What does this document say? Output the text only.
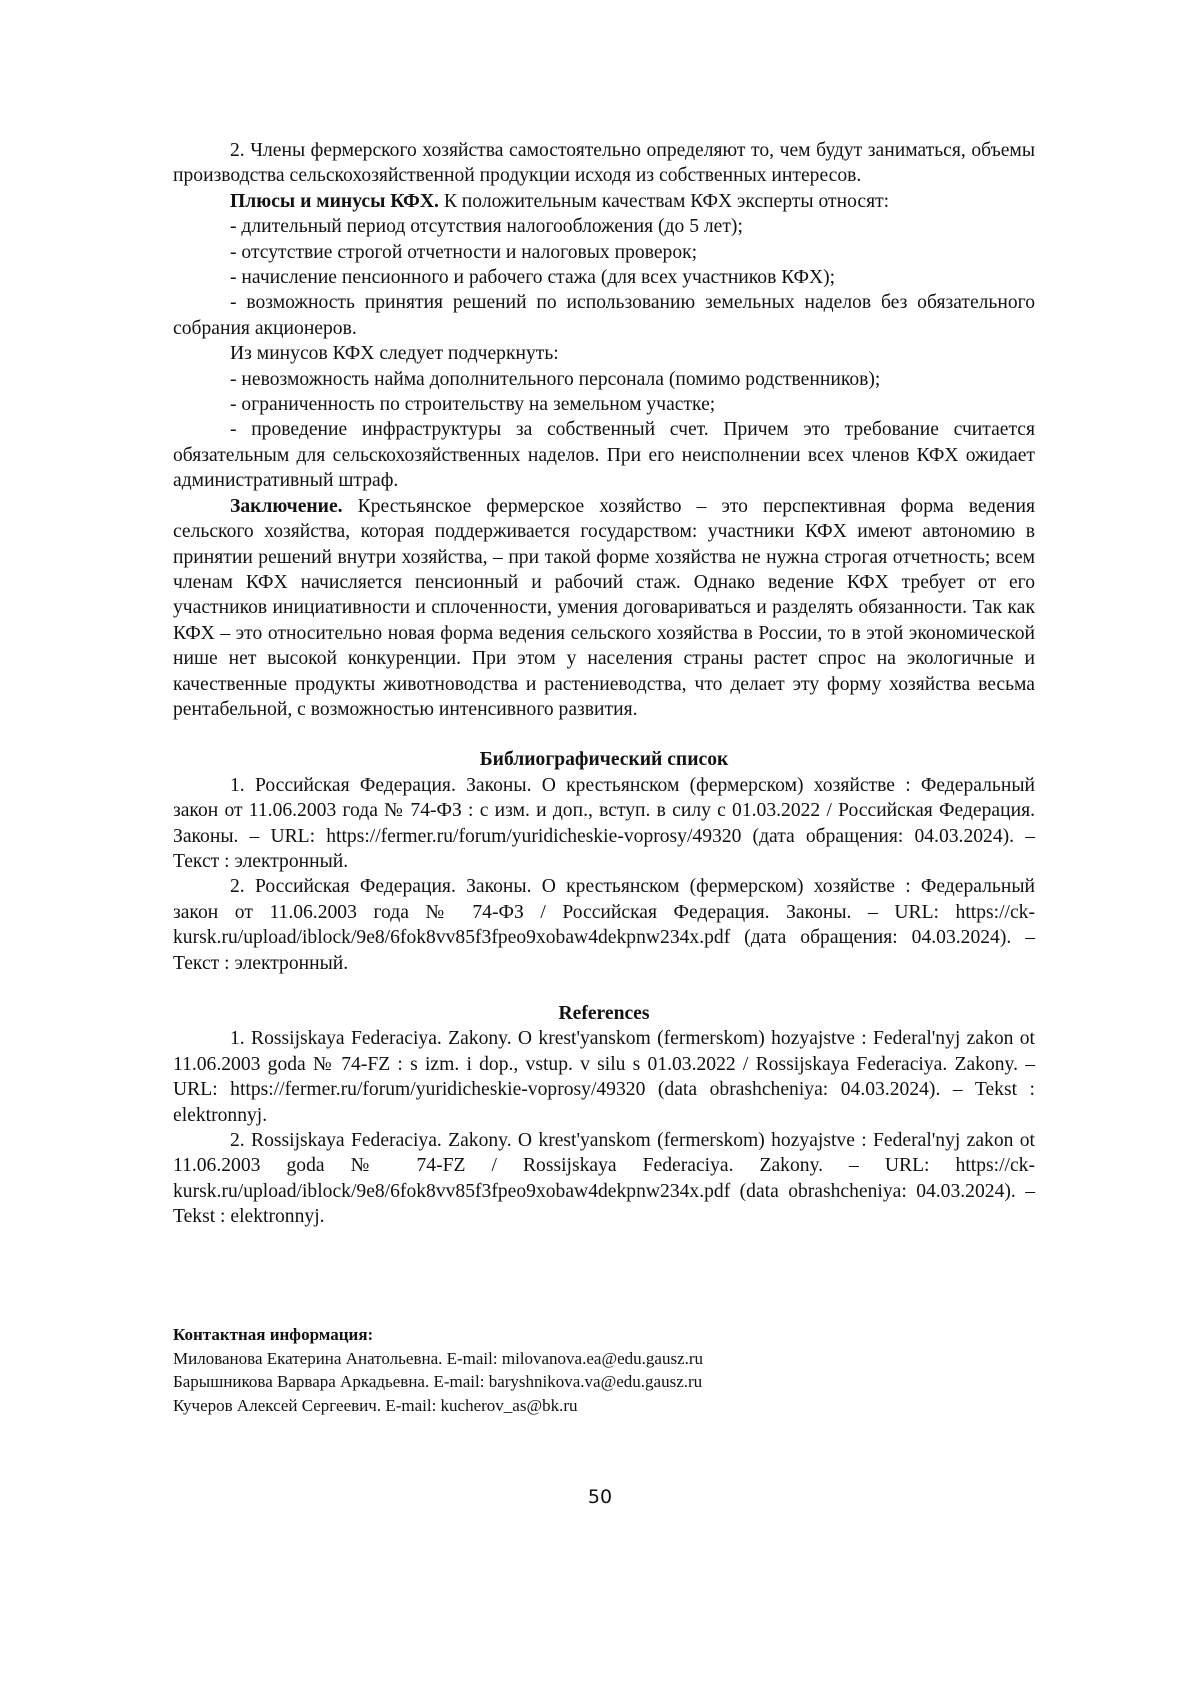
2. Члены фермерского хозяйства самостоятельно определяют то, чем будут заниматься, объемы производства сельскохозяйственной продукции исходя из собственных интересов.

Плюсы и минусы КФХ. К положительным качествам КФХ эксперты относят:

- длительный период отсутствия налогообложения (до 5 лет);

- отсутствие строгой отчетности и налоговых проверок;

- начисление пенсионного и рабочего стажа (для всех участников КФХ);

- возможность принятия решений по использованию земельных наделов без обязательного собрания акционеров.

Из минусов КФХ следует подчеркнуть:

- невозможность найма дополнительного персонала (помимо родственников);

- ограниченность по строительству на земельном участке;

- проведение инфраструктуры за собственный счет. Причем это требование считается обязательным для сельскохозяйственных наделов. При его неисполнении всех членов КФХ ожидает административный штраф.

Заключение. Крестьянское фермерское хозяйство – это перспективная форма ведения сельского хозяйства, которая поддерживается государством: участники КФХ имеют автономию в принятии решений внутри хозяйства, – при такой форме хозяйства не нужна строгая отчетность; всем членам КФХ начисляется пенсионный и рабочий стаж. Однако ведение КФХ требует от его участников инициативности и сплоченности, умения договариваться и разделять обязанности. Так как КФХ – это относительно новая форма ведения сельского хозяйства в России, то в этой экономической нише нет высокой конкуренции. При этом у населения страны растет спрос на экологичные и качественные продукты животноводства и растениеводства, что делает эту форму хозяйства весьма рентабельной, с возможностью интенсивного развития.

Библиографический список

1. Российская Федерация. Законы. О крестьянском (фермерском) хозяйстве : Федеральный закон от 11.06.2003 года № 74-ФЗ : с изм. и доп., вступ. в силу с 01.03.2022 / Российская Федерация. Законы. – URL: https://fermer.ru/forum/yuridicheskie-voprosy/49320 (дата обращения: 04.03.2024). – Текст : электронный.

2. Российская Федерация. Законы. О крестьянском (фермерском) хозяйстве : Федеральный закон от 11.06.2003 года № 74-ФЗ / Российская Федерация. Законы. – URL: https://ck-kursk.ru/upload/iblock/9e8/6fok8vv85f3fpeo9xobaw4dekpnw234x.pdf (дата обращения: 04.03.2024). – Текст : электронный.

References

1. Rossijskaya Federaciya. Zakony. O krest'yanskom (fermerskom) hozyajstve : Federal'nyj zakon ot 11.06.2003 goda № 74-FZ : s izm. i dop., vstup. v silu s 01.03.2022 / Rossijskaya Federaciya. Zakony. – URL: https://fermer.ru/forum/yuridicheskie-voprosy/49320 (data obrashcheniya: 04.03.2024). – Tekst : elektronnyj.

2. Rossijskaya Federaciya. Zakony. O krest'yanskom (fermerskom) hozyajstve : Federal'nyj zakon ot 11.06.2003 goda № 74-FZ / Rossijskaya Federaciya. Zakony. – URL: https://ck-kursk.ru/upload/iblock/9e8/6fok8vv85f3fpeo9xobaw4dekpnw234x.pdf (data obrashcheniya: 04.03.2024). – Tekst : elektronnyj.

Контактная информация:
Милованова Екатерина Анатольевна. E-mail: milovanova.ea@edu.gausz.ru
Барышникова Варвара Аркадьевна. E-mail: baryshnikova.va@edu.gausz.ru
Кучеров Алексей Сергеевич. E-mail: kucherov_as@bk.ru
50
